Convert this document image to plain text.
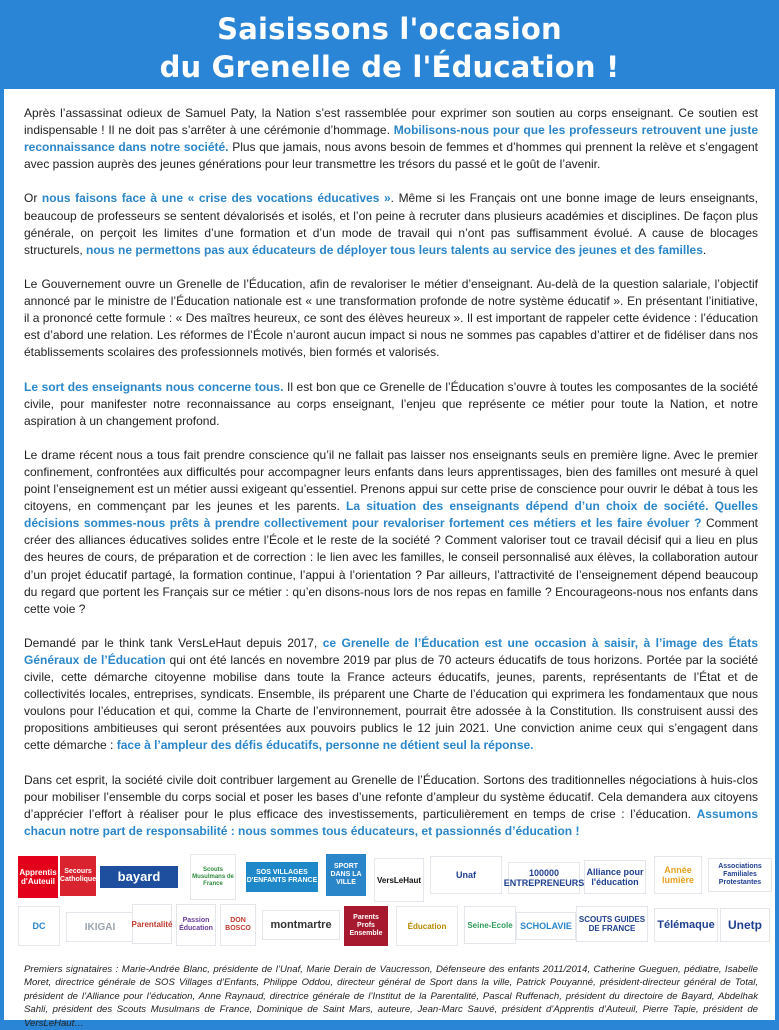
Saisissons l'occasion
du Grenelle de l'Éducation !

Après l’assassinat odieux de Samuel Paty, la Nation s’est rassemblée pour exprimer son soutien au corps enseignant. Ce soutien est indispensable ! Il ne doit pas s’arrêter à une cérémonie d’hommage. Mobilisons-nous pour que les professeurs retrouvent une juste reconnaissance dans notre société. Plus que jamais, nous avons besoin de femmes et d’hommes qui prennent la relève et s’engagent avec passion auprès des jeunes générations pour leur transmettre les trésors du passé et le goût de l’avenir.

Or nous faisons face à une « crise des vocations éducatives ». Même si les Français ont une bonne image de leurs enseignants, beaucoup de professeurs se sentent dévalorisés et isolés, et l’on peine à recruter dans plusieurs académies et disciplines. De façon plus générale, on perçoit les limites d’une formation et d’un mode de travail qui n’ont pas suffisamment évolué. A cause de blocages structurels, nous ne permettons pas aux éducateurs de déployer tous leurs talents au service des jeunes et des familles.

Le Gouvernement ouvre un Grenelle de l’Éducation, afin de revaloriser le métier d’enseignant. Au-delà de la question salariale, l’objectif annoncé par le ministre de l’Éducation nationale est « une transformation profonde de notre système éducatif ». En présentant l’initiative, il a prononcé cette formule : « Des maîtres heureux, ce sont des élèves heureux ». Il est important de rappeler cette évidence : l’éducation est d’abord une relation. Les réformes de l’École n’auront aucun impact si nous ne sommes pas capables d’attirer et de fidéliser dans nos établissements scolaires des professionnels motivés, bien formés et valorisés.

Le sort des enseignants nous concerne tous. Il est bon que ce Grenelle de l’Éducation s’ouvre à toutes les composantes de la société civile, pour manifester notre reconnaissance au corps enseignant, l’enjeu que représente ce métier pour toute la Nation, et notre aspiration à un changement profond.

Le drame récent nous a tous fait prendre conscience qu’il ne fallait pas laisser nos enseignants seuls en première ligne. Avec le premier confinement, confrontées aux difficultés pour accompagner leurs enfants dans leurs apprentissages, bien des familles ont mesuré à quel point l’enseignement est un métier aussi exigeant qu’essentiel. Prenons appui sur cette prise de conscience pour ouvrir le débat à tous les citoyens, en commençant par les jeunes et les parents. La situation des enseignants dépend d’un choix de société. Quelles décisions sommes-nous prêts à prendre collectivement pour revaloriser fortement ces métiers et les faire évoluer ? Comment créer des alliances éducatives solides entre l’École et le reste de la société ? Comment valoriser tout ce travail décisif qui a lieu en plus des heures de cours, de préparation et de correction : le lien avec les familles, le conseil personnalisé aux élèves, la collaboration autour d’un projet éducatif partagé, la formation continue, l’appui à l’orientation ? Par ailleurs, l’attractivité de l’enseignement dépend beaucoup du regard que portent les Français sur ce métier : qu’en disons-nous lors de nos repas en famille ? Encourageons-nous nos enfants dans cette voie ?

Demandé par le think tank VersLeHaut depuis 2017, ce Grenelle de l’Éducation est une occasion à saisir, à l’image des États Généraux de l’Éducation qui ont été lancés en novembre 2019 par plus de 70 acteurs éducatifs de tous horizons. Portée par la société civile, cette démarche citoyenne mobilise dans toute la France acteurs éducatifs, jeunes, parents, représentants de l’État et de collectivités locales, entreprises, syndicats. Ensemble, ils préparent une Charte de l’éducation qui exprimera les fondamentaux que nous voulons pour l’éducation et qui, comme la Charte de l’environnement, pourrait être adossée à la Constitution. Ils construisent aussi des propositions ambitieuses qui seront présentées aux pouvoirs publics le 12 juin 2021. Une conviction anime ceux qui s’engagent dans cette démarche : face à l’ampleur des défis éducatifs, personne ne détient seul la réponse.

Dans cet esprit, la société civile doit contribuer largement au Grenelle de l’Éducation. Sortons des traditionnelles négociations à huis-clos pour mobiliser l’ensemble du corps social et poser les bases d’une refonte d’ampleur du système éducatif. Cela demandera aux citoyens d’apprécier l’effort à réaliser pour le plus efficace des investissements, particulièrement en temps de crise : l’éducation. Assumons chacun notre part de responsabilité : nous sommes tous éducateurs, et passionnés d’éducation !

Apprentis d'Auteuil
Secours Catholique	bayard	Scouts Musulmans de France
SOS VILLAGES D'ENFANTS FRANCE
SPORT DANS LA VILLE	VersLeHaut	Unaf	100000 ENTREPRENEURS
Alliance pour l'éducation
Année lumière
Associations Familiales Protestantes
DC	IKIGAI	Parentalité	Passion Éducation
DON BOSCO	montmartre
Parents Profs Ensemble
Éducation	Seine-Ecole SCHOLAVIE
SCOUTS GUIDES DE FRANCE	Télémaque	Unetp
Premiers signataires : Marie-Andrée Blanc, présidente de l’Unaf, Marie Derain de Vaucresson, Défenseure des enfants 2011/2014, Catherine Gueguen, pédiatre, Isabelle Moret, directrice générale de SOS Villages d’Enfants, Philippe Oddou, directeur général de Sport dans la ville, Patrick Pouyanné, président-directeur général de Total, président de l’Alliance pour l’éducation, Anne Raynaud, directrice générale de l’Institut de la Parentalité, Pascal Ruffenach, président du directoire de Bayard, Abdelhak Sahli, président des Scouts Musulmans de France, Dominique de Saint Mars, auteure, Jean-Marc Sauvé, président d’Apprentis d’Auteuil, Pierre Tapie, président de VersLeHaut…
